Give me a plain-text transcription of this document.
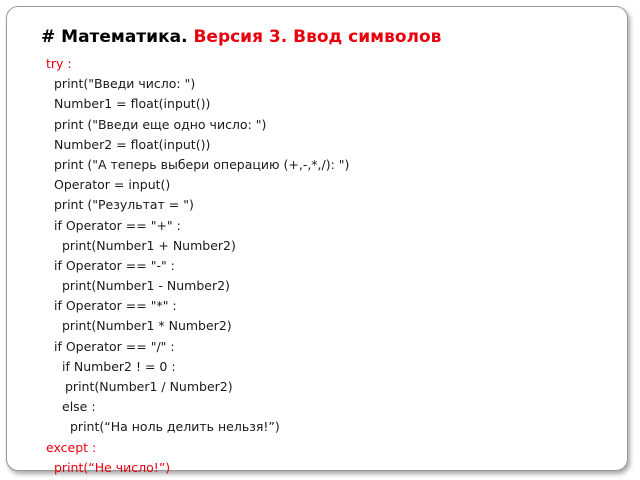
# Математика. Версия 3. Ввод символов
try :
print("Введи число: ")
Number1 = float(input())
print ("Введи еще одно число: ")
Number2 = float(input())
print ("А теперь выбери операцию (+,-,*,/): ")
Operator = input()
print ("Результат = ")
if Operator == "+" :
print(Number1 + Number2)
if Operator == "-" :
print(Number1 - Number2)
if Operator == "*" :
print(Number1 * Number2)
if Operator == "/" :
if Number2 ! = 0 :
print(Number1 / Number2)
else :
print(“На ноль делить нельзя!”)
except :
print(“Не число!”)
